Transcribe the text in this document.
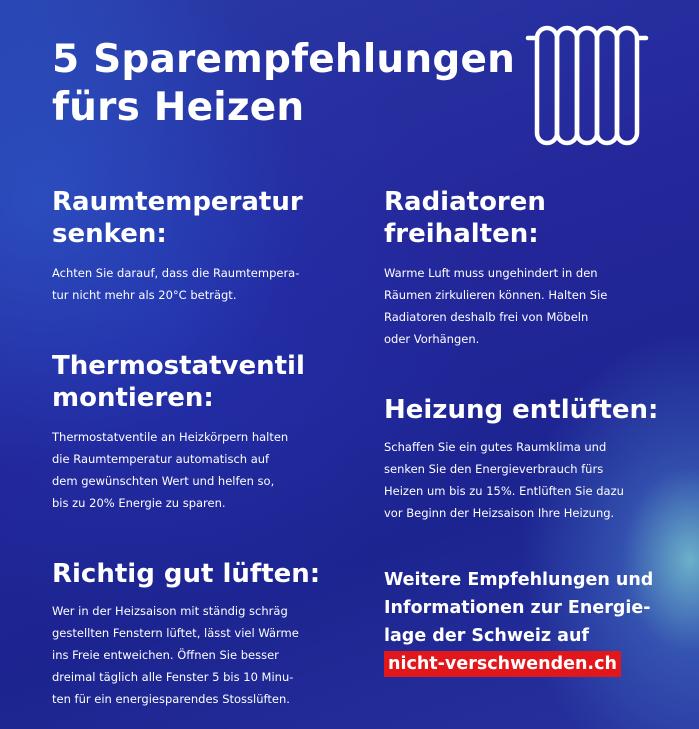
5 Sparempfehlungen
fürs Heizen
Raumtemperatur
senken:
Achten Sie darauf, dass die Raumtempera-
tur nicht mehr als 20°C beträgt.
Thermostatventil
montieren:
Thermostatventile an Heizkörpern halten
die Raumtemperatur automatisch auf
dem gewünschten Wert und helfen so,
bis zu 20% Energie zu sparen.
Richtig gut lüften:
Wer in der Heizsaison mit ständig schräg
gestellten Fenstern lüftet, lässt viel Wärme
ins Freie entweichen. Öffnen Sie besser
dreimal täglich alle Fenster 5 bis 10 Minu-
ten für ein energiesparendes Stosslüften.
Radiatoren
freihalten:
Warme Luft muss ungehindert in den
Räumen zirkulieren können. Halten Sie
Radiatoren deshalb frei von Möbeln
oder Vorhängen.
Heizung entlüften:
Schaffen Sie ein gutes Raumklima und
senken Sie den Energieverbrauch fürs
Heizen um bis zu 15%. Entlüften Sie dazu
vor Beginn der Heizsaison Ihre Heizung.
Weitere Empfehlungen und
Informationen zur Energie-
lage der Schweiz auf
nicht-verschwenden.ch
